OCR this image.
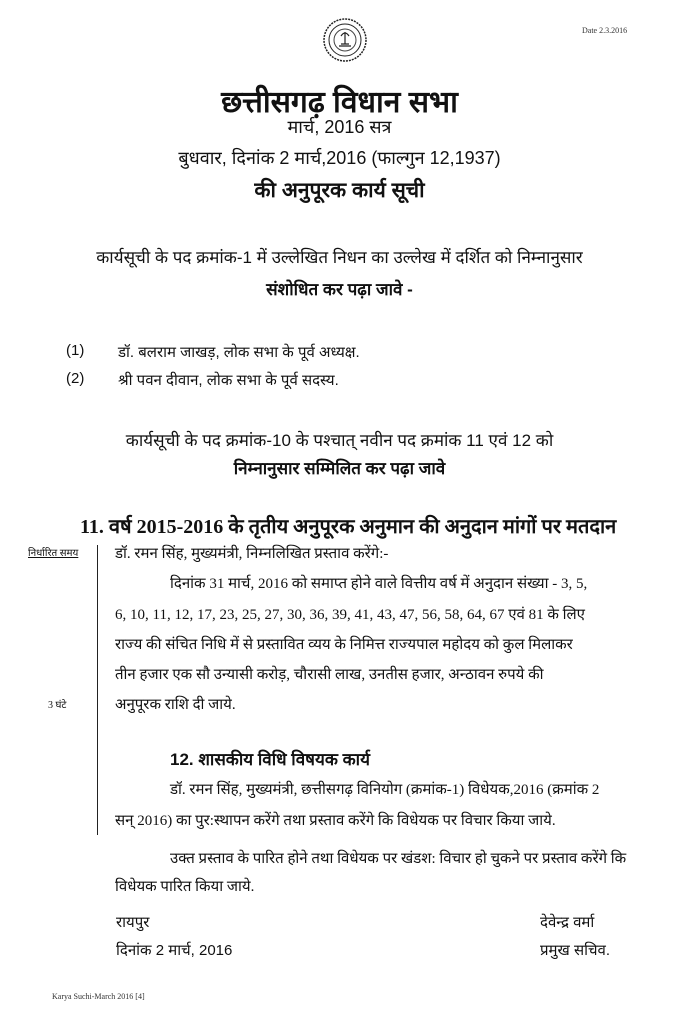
Date 2.3.2016
छत्तीसगढ़ विधान सभा
मार्च, 2016 सत्र
बुधवार, दिनांक 2 मार्च,2016 (फाल्गुन 12,1937)
की अनुपूरक कार्य सूची
कार्यसूची के पद क्रमांक-1 में उल्लेखित निधन का उल्लेख में दर्शित को निम्नानुसार
संशोधित कर पढ़ा जावे -
(1) डॉ. बलराम जाखड़, लोक सभा के पूर्व अध्यक्ष.
(2) श्री पवन दीवान, लोक सभा के पूर्व सदस्य.
कार्यसूची के पद क्रमांक-10 के पश्चात् नवीन पद क्रमांक 11 एवं 12 को
निम्नानुसार सम्मिलित कर पढ़ा जावे
11. वर्ष 2015-2016 के तृतीय अनुपूरक अनुमान की अनुदान मांगों पर मतदान
निर्धारित समय
3 घंटे
डॉ. रमन सिंह, मुख्यमंत्री, निम्नलिखित प्रस्ताव करेंगे:-
दिनांक 31 मार्च, 2016 को समाप्त होने वाले वित्तीय वर्ष में अनुदान संख्या - 3, 5,
6, 10, 11, 12, 17, 23, 25, 27, 30, 36, 39, 41, 43, 47, 56, 58, 64, 67 एवं 81 के लिए
राज्य की संचित निधि में से प्रस्तावित व्यय के निमित्त राज्यपाल महोदय को कुल मिलाकर
तीन हजार एक सौ उन्यासी करोड़, चौरासी लाख, उनतीस हजार, अन्ठावन रुपये की
अनुपूरक राशि दी जाये.
12. शासकीय विधि विषयक कार्य
डॉ. रमन सिंह, मुख्यमंत्री, छत्तीसगढ़ विनियोग (क्रमांक-1) विधेयक,2016 (क्रमांक 2
सन् 2016) का पुर:स्थापन करेंगे तथा प्रस्ताव करेंगे कि विधेयक पर विचार किया जाये.
उक्त प्रस्ताव के पारित होने तथा विधेयक पर खंडश: विचार हो चुकने पर प्रस्ताव करेंगे कि
विधेयक पारित किया जाये.
रायपुर
दिनांक 2 मार्च, 2016
देवेन्द्र वर्मा
प्रमुख सचिव.
Karya Suchi-March 2016 [4]
